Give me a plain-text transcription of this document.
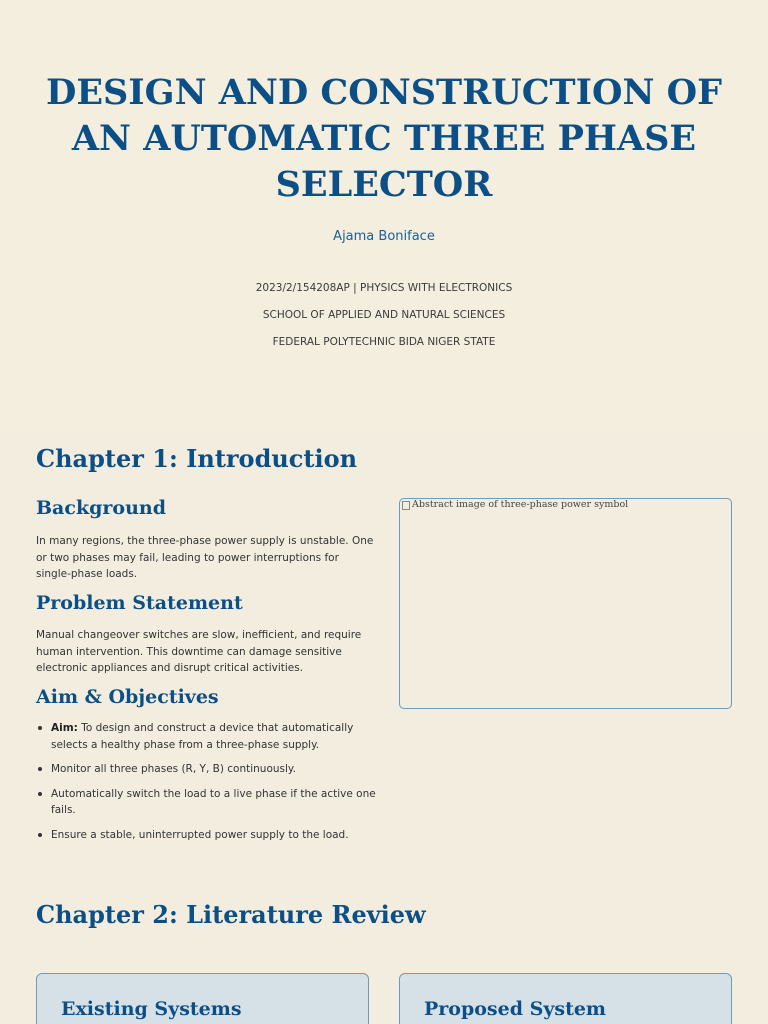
DESIGN AND CONSTRUCTION OF AN AUTOMATIC THREE PHASE SELECTOR
Ajama Boniface
2023/2/154208AP | PHYSICS WITH ELECTRONICS
SCHOOL OF APPLIED AND NATURAL SCIENCES
FEDERAL POLYTECHNIC BIDA NIGER STATE
Chapter 1: Introduction
Background
In many regions, the three-phase power supply is unstable. One or two phases may fail, leading to power interruptions for single-phase loads.
Problem Statement
Manual changeover switches are slow, inefficient, and require human intervention. This downtime can damage sensitive electronic appliances and disrupt critical activities.
Aim & Objectives
Aim: To design and construct a device that automatically selects a healthy phase from a three-phase supply.
Monitor all three phases (R, Y, B) continuously.
Automatically switch the load to a live phase if the active one fails.
Ensure a stable, uninterrupted power supply to the load.
Abstract image of three-phase power symbol
Chapter 2: Literature Review
Existing Systems	Proposed System
